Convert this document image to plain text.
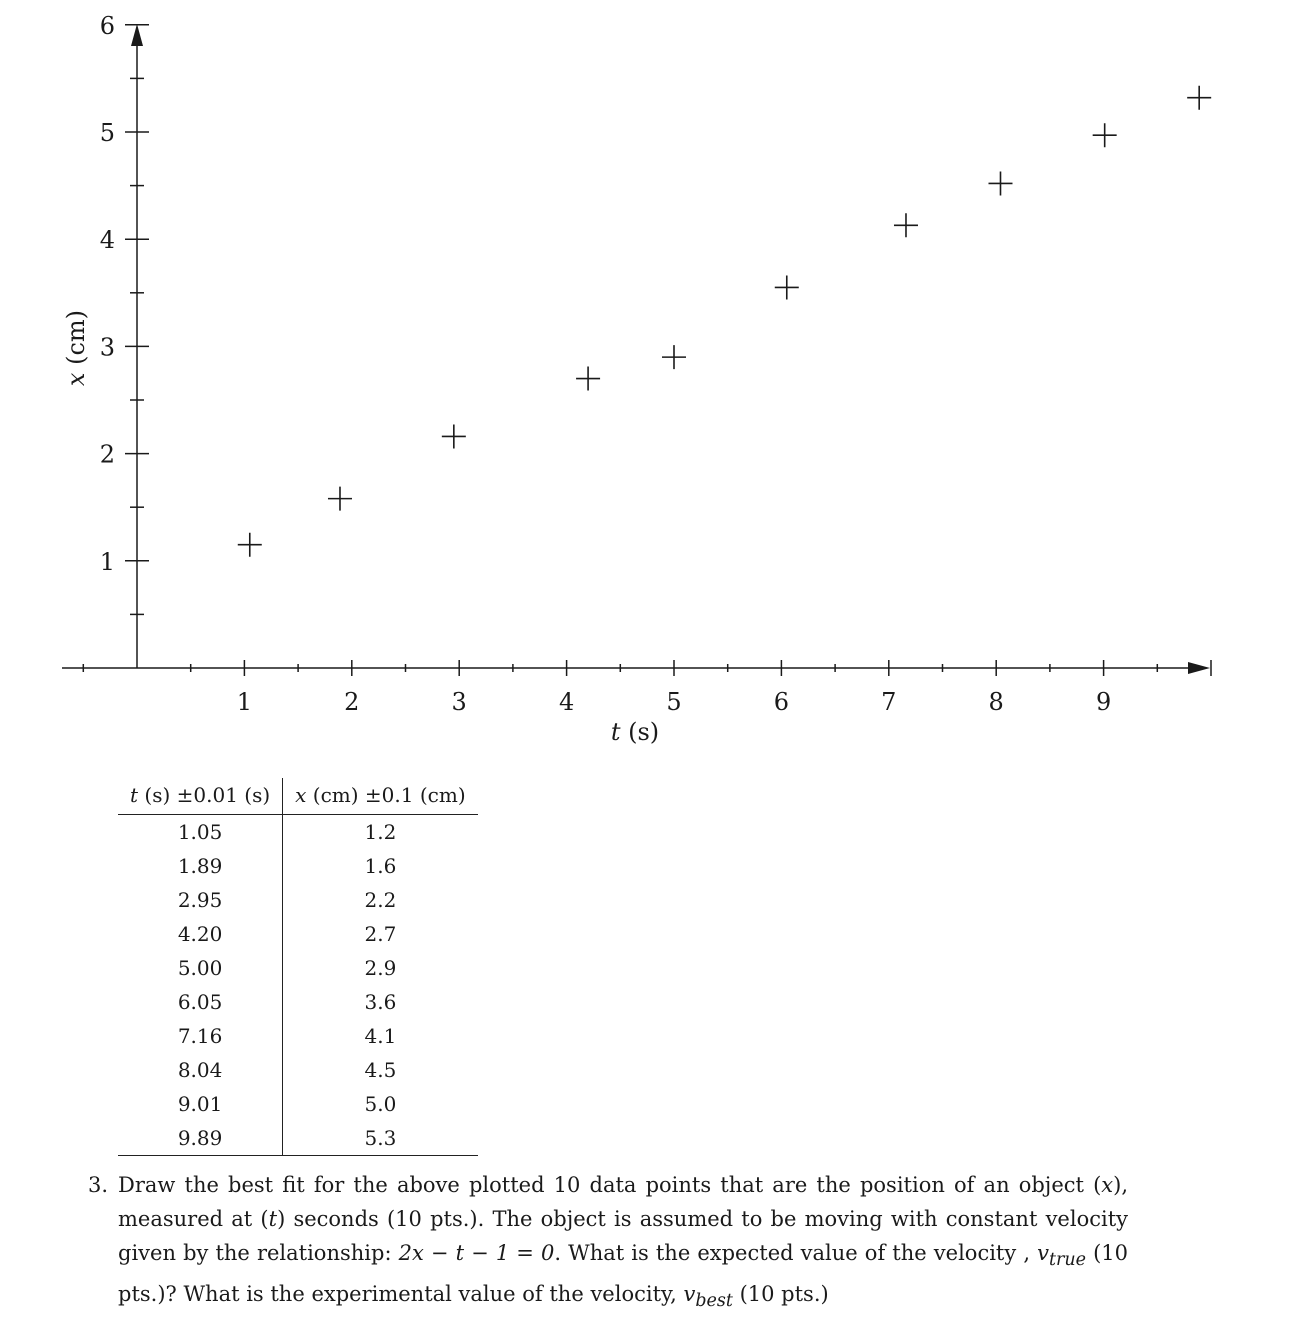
1	2	3	4	5	6	7	8	9
1
2
3
4
5
6
t (s)
x (cm)
t (s) ±0.01 (s)	x (cm) ±0.1 (cm)
1.05	1.2
1.89	1.6
2.95	2.2
4.20	2.7
5.00	2.9
6.05	3.6
7.16	4.1
8.04	4.5
9.01	5.0
9.89	5.3
3. Draw the best fit for the above plotted 10 data points that are the position of an object (x), measured at (t) seconds (10 pts.). The object is assumed to be moving with constant velocity given by the relationship: 2x − t − 1 = 0. What is the expected value of the velocity , $v_{true}$ (10 pts.)? What is the experimental value of the velocity, $v_{best}$ (10 pts.)
